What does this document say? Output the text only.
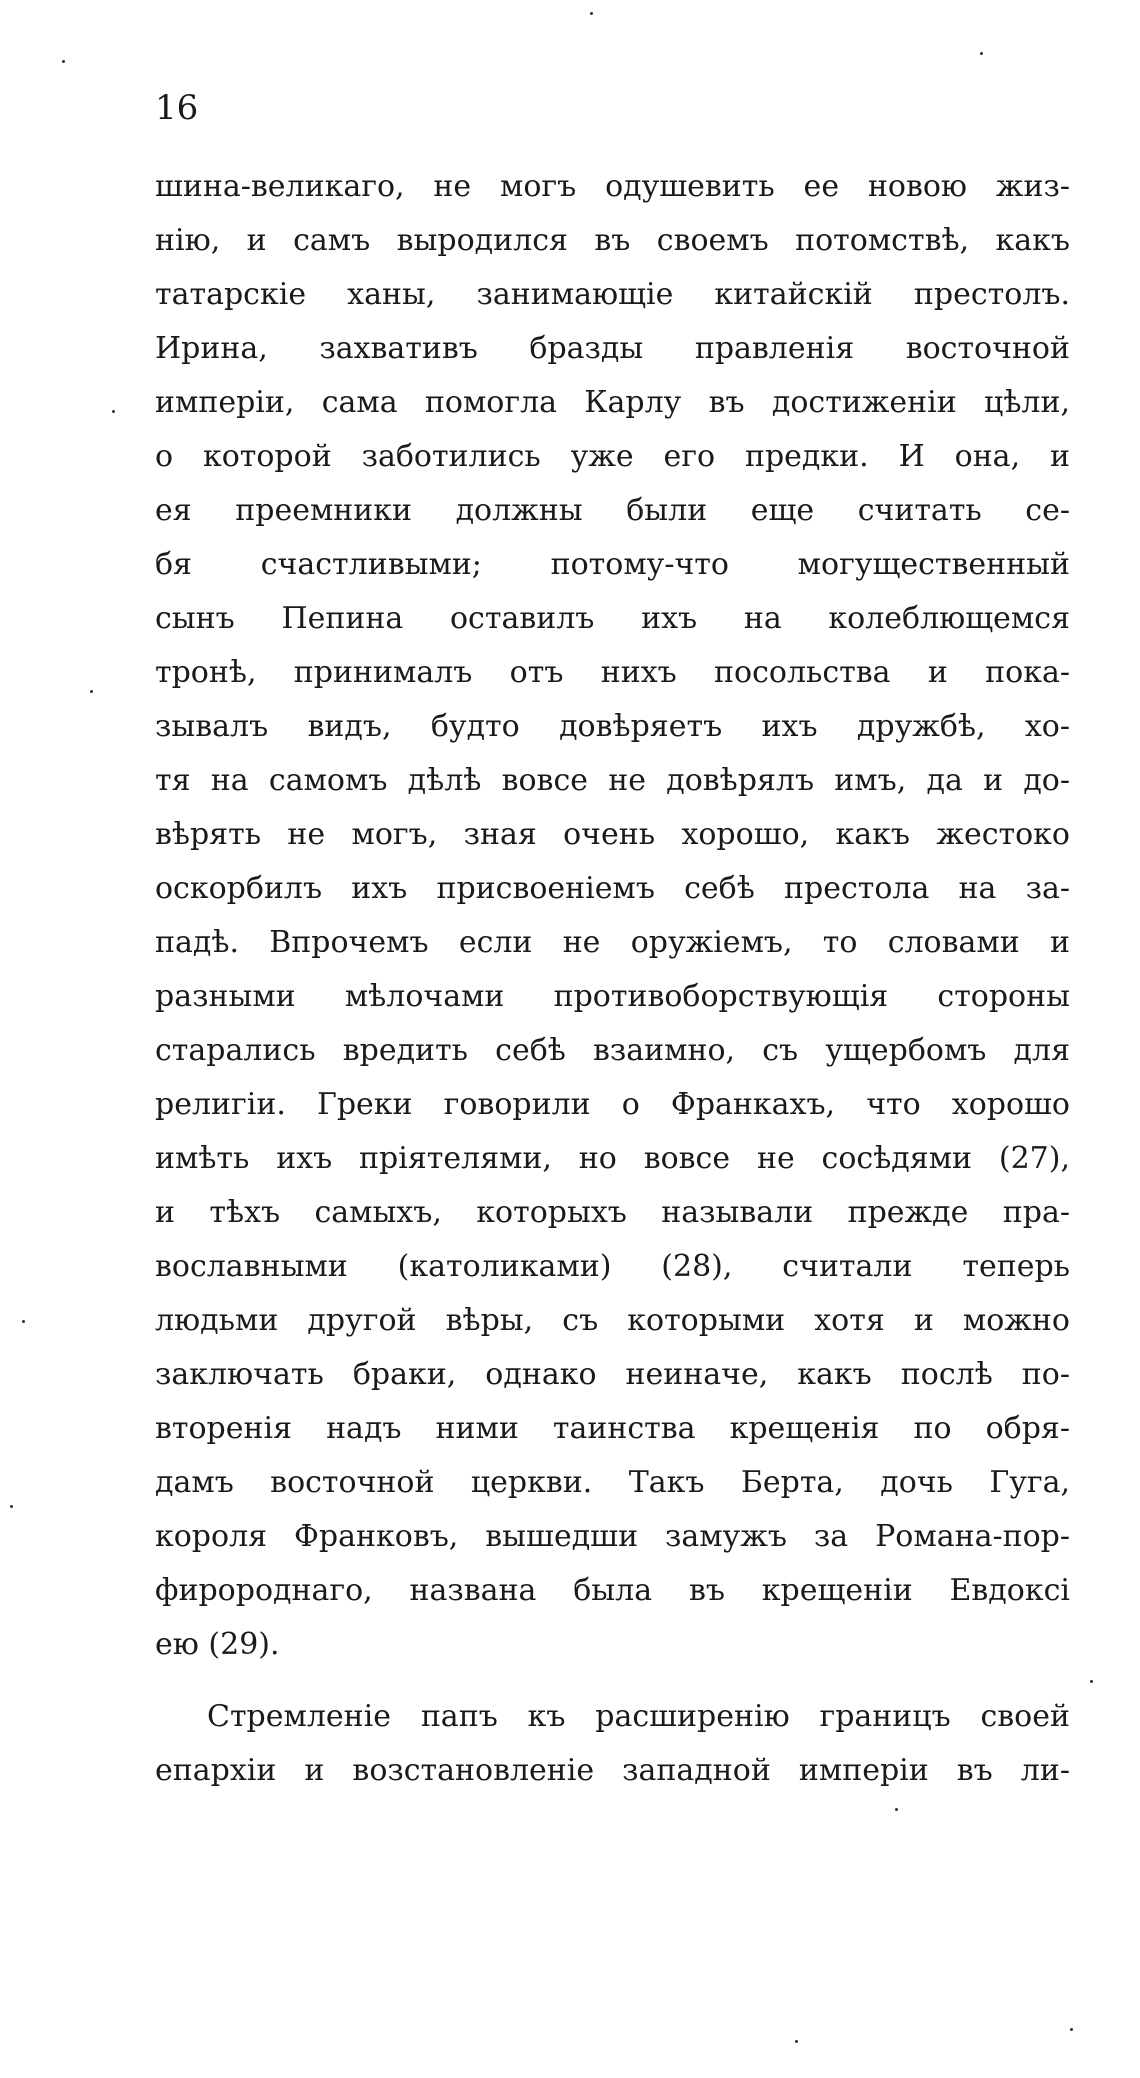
16
шина-великаго, не могъ одушевить ее новою жиз-
нію, и самъ выродился въ своемъ потомствѣ, какъ
татарскіе ханы, занимающіе китайскій престолъ.
Ирина, захвативъ бразды правленія восточной
имперіи, сама помогла Карлу въ достиженіи цѣли,
о которой заботились уже его предки. И она, и
ея преемники должны были еще считать се-
бя счастливыми; потому-что могущественный
сынъ Пепина оставилъ ихъ на колеблющемся
тронѣ, принималъ отъ нихъ посольства и пока-
зывалъ видъ, будто довѣряетъ ихъ дружбѣ, хо-
тя на самомъ дѣлѣ вовсе не довѣрялъ имъ, да и до-
вѣрять не могъ, зная очень хорошо, какъ жестоко
оскорбилъ ихъ присвоеніемъ себѣ престола на за-
падѣ. Впрочемъ если не оружіемъ, то словами и
разными мѣлочами противоборствующія стороны
старались вредить себѣ взаимно, съ ущербомъ для
религіи. Греки говорили о Франкахъ, что хорошо
имѣть ихъ пріятелями, но вовсе не сосѣдями (27),
и тѣхъ самыхъ, которыхъ называли прежде пра-
вославными (католиками) (28), считали теперь
людьми другой вѣры, съ которыми хотя и можно
заключать браки, однако неиначе, какъ послѣ по-
вторенія надъ ними таинства крещенія по обря-
дамъ восточной церкви. Такъ Берта, дочь Гуга,
короля Франковъ, вышедши замужъ за Романа-пор-
фиророднаго, названа была въ крещеніи Евдоксі
ею (29).
Стремленіе папъ къ расширенію границъ своей
епархіи и возстановленіе западной имперіи въ ли-
